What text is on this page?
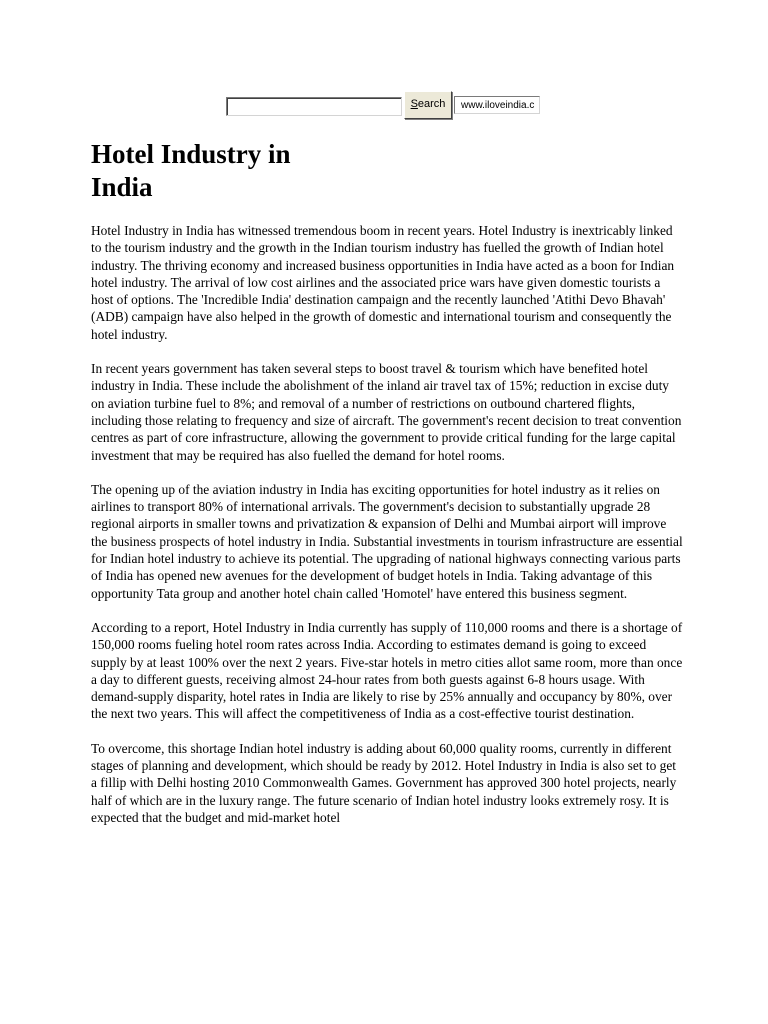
Search	www.iloveindia.c
Hotel Industry in
India

Hotel Industry in India has witnessed tremendous boom in recent years. Hotel Industry is inextricably linked to the tourism industry and the growth in the Indian tourism industry has fuelled the growth of Indian hotel industry. The thriving economy and increased business opportunities in India have acted as a boon for Indian hotel industry. The arrival of low cost airlines and the associated price wars have given domestic tourists a host of options. The 'Incredible India' destination campaign and the recently launched 'Atithi Devo Bhavah' (ADB) campaign have also helped in the growth of domestic and international tourism and consequently the hotel industry.

In recent years government has taken several steps to boost travel & tourism which have benefited hotel industry in India. These include the abolishment of the inland air travel tax of 15%; reduction in excise duty on aviation turbine fuel to 8%; and removal of a number of restrictions on outbound chartered flights, including those relating to frequency and size of aircraft. The government's recent decision to treat convention centres as part of core infrastructure, allowing the government to provide critical funding for the large capital investment that may be required has also fuelled the demand for hotel rooms.

The opening up of the aviation industry in India has exciting opportunities for hotel industry as it relies on airlines to transport 80% of international arrivals. The government's decision to substantially upgrade 28 regional airports in smaller towns and privatization & expansion of Delhi and Mumbai airport will improve the business prospects of hotel industry in India. Substantial investments in tourism infrastructure are essential for Indian hotel industry to achieve its potential. The upgrading of national highways connecting various parts of India has opened new avenues for the development of budget hotels in India. Taking advantage of this opportunity Tata group and another hotel chain called 'Homotel' have entered this business segment.

According to a report, Hotel Industry in India currently has supply of 110,000 rooms and there is a shortage of 150,000 rooms fueling hotel room rates across India. According to estimates demand is going to exceed supply by at least 100% over the next 2 years. Five-star hotels in metro cities allot same room, more than once a day to different guests, receiving almost 24-hour rates from both guests against 6-8 hours usage. With demand-supply disparity, hotel rates in India are likely to rise by 25% annually and occupancy by 80%, over the next two years. This will affect the competitiveness of India as a cost-effective tourist destination.

To overcome, this shortage Indian hotel industry is adding about 60,000 quality rooms, currently in different stages of planning and development, which should be ready by 2012. Hotel Industry in India is also set to get a fillip with Delhi hosting 2010 Commonwealth Games. Government has approved 300 hotel projects, nearly half of which are in the luxury range. The future scenario of Indian hotel industry looks extremely rosy. It is expected that the budget and mid-market hotel
